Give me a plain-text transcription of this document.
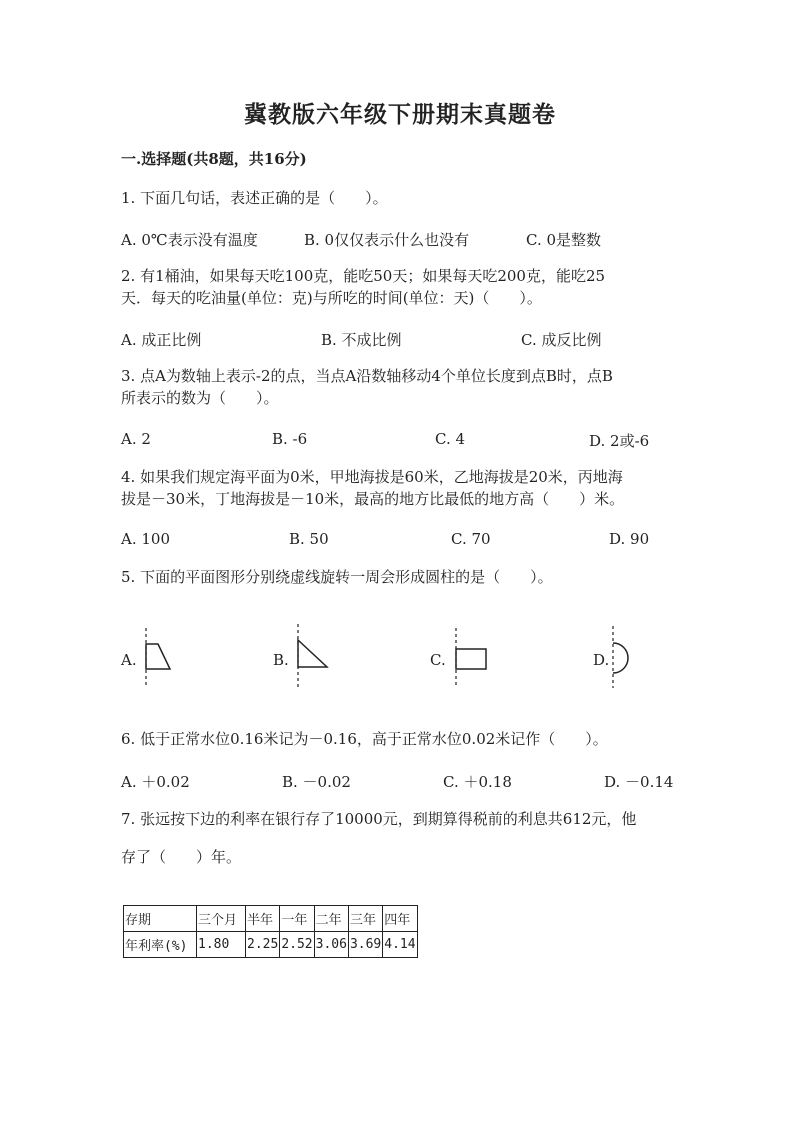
冀教版六年级下册期末真题卷
一.选择题(共8题，共16分)
1. 下面几句话，表述正确的是（　　）。
A. 0℃表示没有温度	B. 0仅仅表示什么也没有	C. 0是整数
2. 有1桶油，如果每天吃100克，能吃50天；如果每天吃200克，能吃25
天．每天的吃油量(单位：克)与所吃的时间(单位：天)（　　）。
A. 成正比例	B. 不成比例	C. 成反比例
3. 点A为数轴上表示-2的点，当点A沿数轴移动4个单位长度到点B时，点B
所表示的数为（　　）。
A. 2	B. -6	C. 4	D. 2或-6
4. 如果我们规定海平面为0米，甲地海拔是60米，乙地海拔是20米，丙地海
拔是－30米，丁地海拔是－10米，最高的地方比最低的地方高（　　）米。
A. 100	B. 50	C. 70	D. 90
5. 下面的平面图形分别绕虚线旋转一周会形成圆柱的是（　　）。
A.	B.	C.	D.
6. 低于正常水位0.16米记为－0.16，高于正常水位0.02米记作（　　）。
A. ＋0.02	B. －0.02	C. ＋0.18	D. －0.14
7. 张远按下边的利率在银行存了10000元，到期算得税前的利息共612元，他
存了（　　）年。
存期	三个月	半年	一年	二年	三年	四年
年利率(%)	1.80	2.25	2.52	3.06	3.69	4.14
